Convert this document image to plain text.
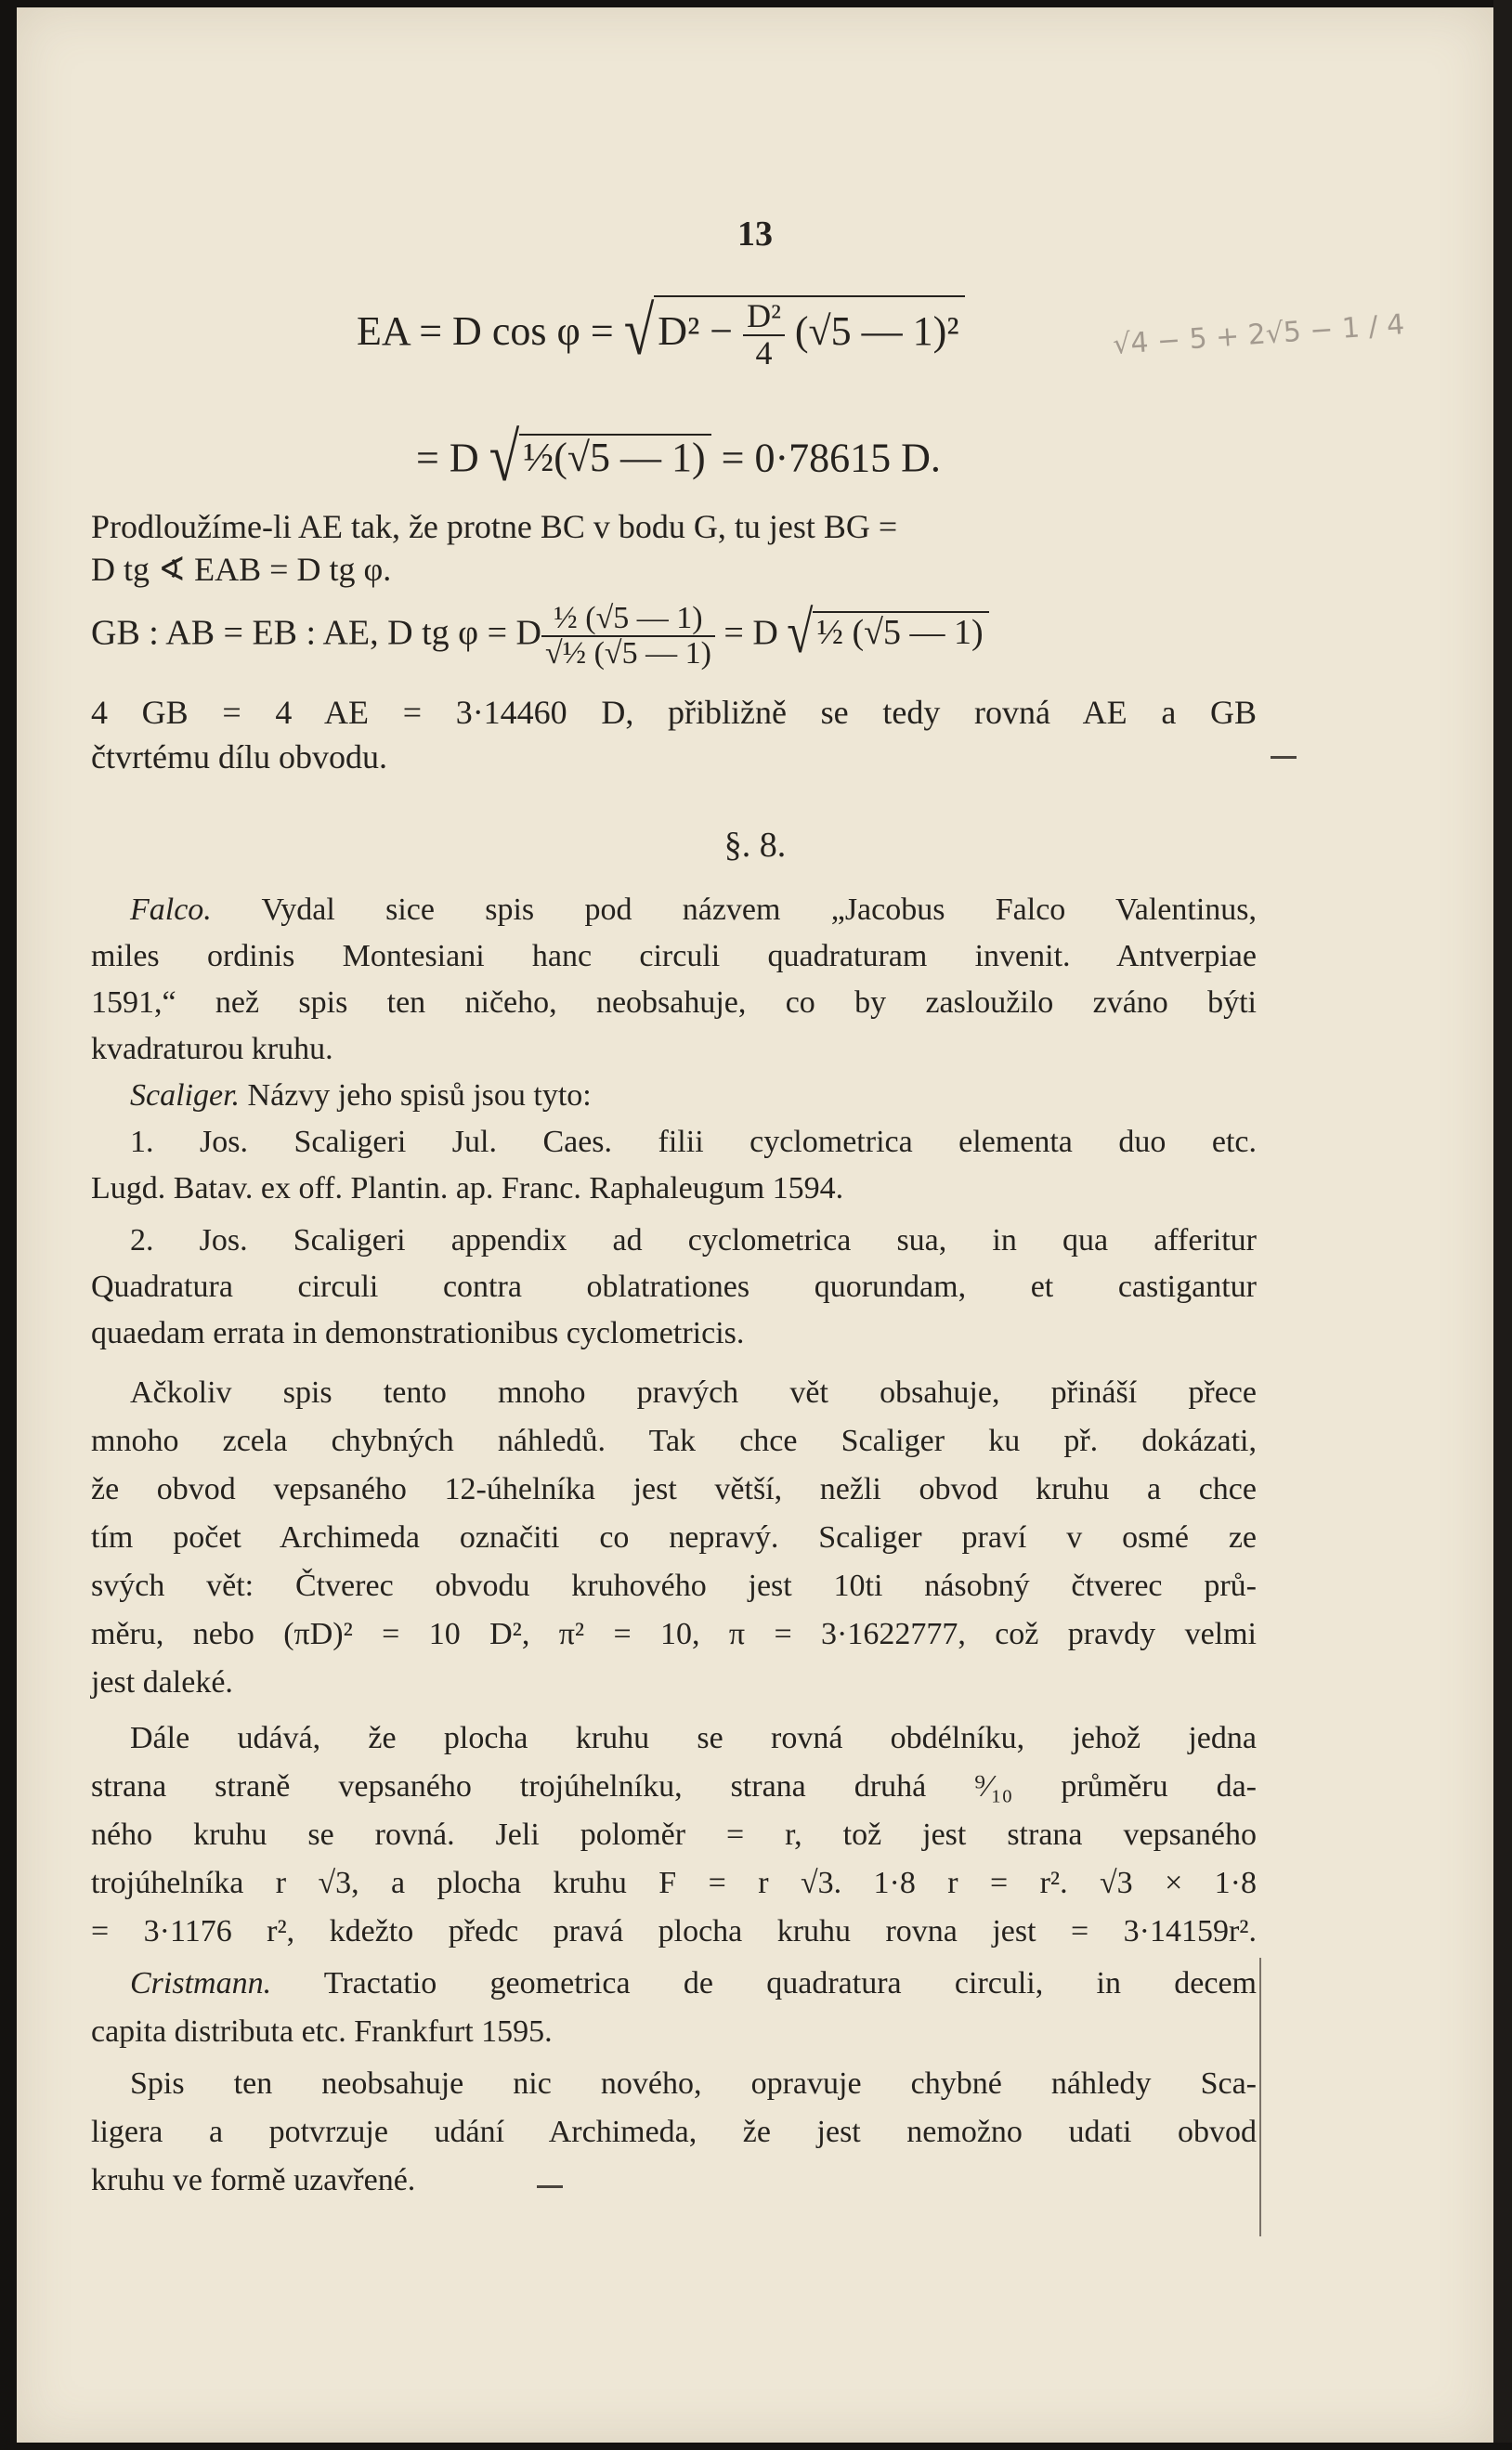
13
EA = D $\cos \varphi = √D^2 - \frac{\text{D²}}{4} (√5$ — 1)²	√4 − 5 + 2√5 − 1 / 4
= D √½(√5 — 1) = 0·78615 D.
Prodloužíme-li AE tak, že protne BC v bodu G, tu jest BG =
D tg ∢ EAB = D tg φ.
GB : AB = EB : AE, D tg φ = D $\frac{\text{½ (√5 — 1)}}{\text{√½ (√5 — 1)}} = D$ √ ½ (√5 — 1)
4 GB = 4 AE = 3·14460 D, přibližně se tedy rovná AE a GB
čtvrtému dílu obvodu.
§. 8.
Falco. Vydal sice spis pod názvem „Jacobus Falco Valentinus,
miles ordinis Montesiani hanc circuli quadraturam invenit. Antverpiae
1591,“ než spis ten ničeho, neobsahuje, co by zasloužilo zváno býti
kvadraturou kruhu.
Scaliger. Názvy jeho spisů jsou tyto:
1. Jos. Scaligeri Jul. Caes. filii cyclometrica elementa duo etc.
Lugd. Batav. ex off. Plantin. ap. Franc. Raphaleugum 1594.
2. Jos. Scaligeri appendix ad cyclometrica sua, in qua afferitur
Quadratura circuli contra oblatrationes quorundam, et castigantur
quaedam errata in demonstrationibus cyclometricis.
Ačkoliv spis tento mnoho pravých vět obsahuje, přináší přece
mnoho zcela chybných náhledů. Tak chce Scaliger ku př. dokázati,
že obvod vepsaného 12-úhelníka jest větší, nežli obvod kruhu a chce
tím počet Archimeda označiti co nepravý. Scaliger praví v osmé ze
svých vět: Čtverec obvodu kruhového jest 10ti násobný čtverec prů-
měru, nebo (πD)² = 10 D², π² = 10, π = 3·1622777, což pravdy velmi
jest daleké.
Dále udává, že plocha kruhu se rovná obdélníku, jehož jedna
strana straně vepsaného trojúhelníku, strana druhá ⁹⁄₁₀ průměru da-
ného kruhu se rovná. Jeli poloměr = r, tož jest strana vepsaného
trojúhelníka r √3, a plocha kruhu F = r √3. 1·8 r = r². √3 × 1·8
= 3·1176 r², kdežto předc pravá plocha kruhu rovna jest = 3·14159r².
Cristmann. Tractatio geometrica de quadratura circuli, in decem
capita distributa etc. Frankfurt 1595.
Spis ten neobsahuje nic nového, opravuje chybné náhledy Sca-
ligera a potvrzuje udání Archimeda, že jest nemožno udati obvod
kruhu ve formě uzavřené.
